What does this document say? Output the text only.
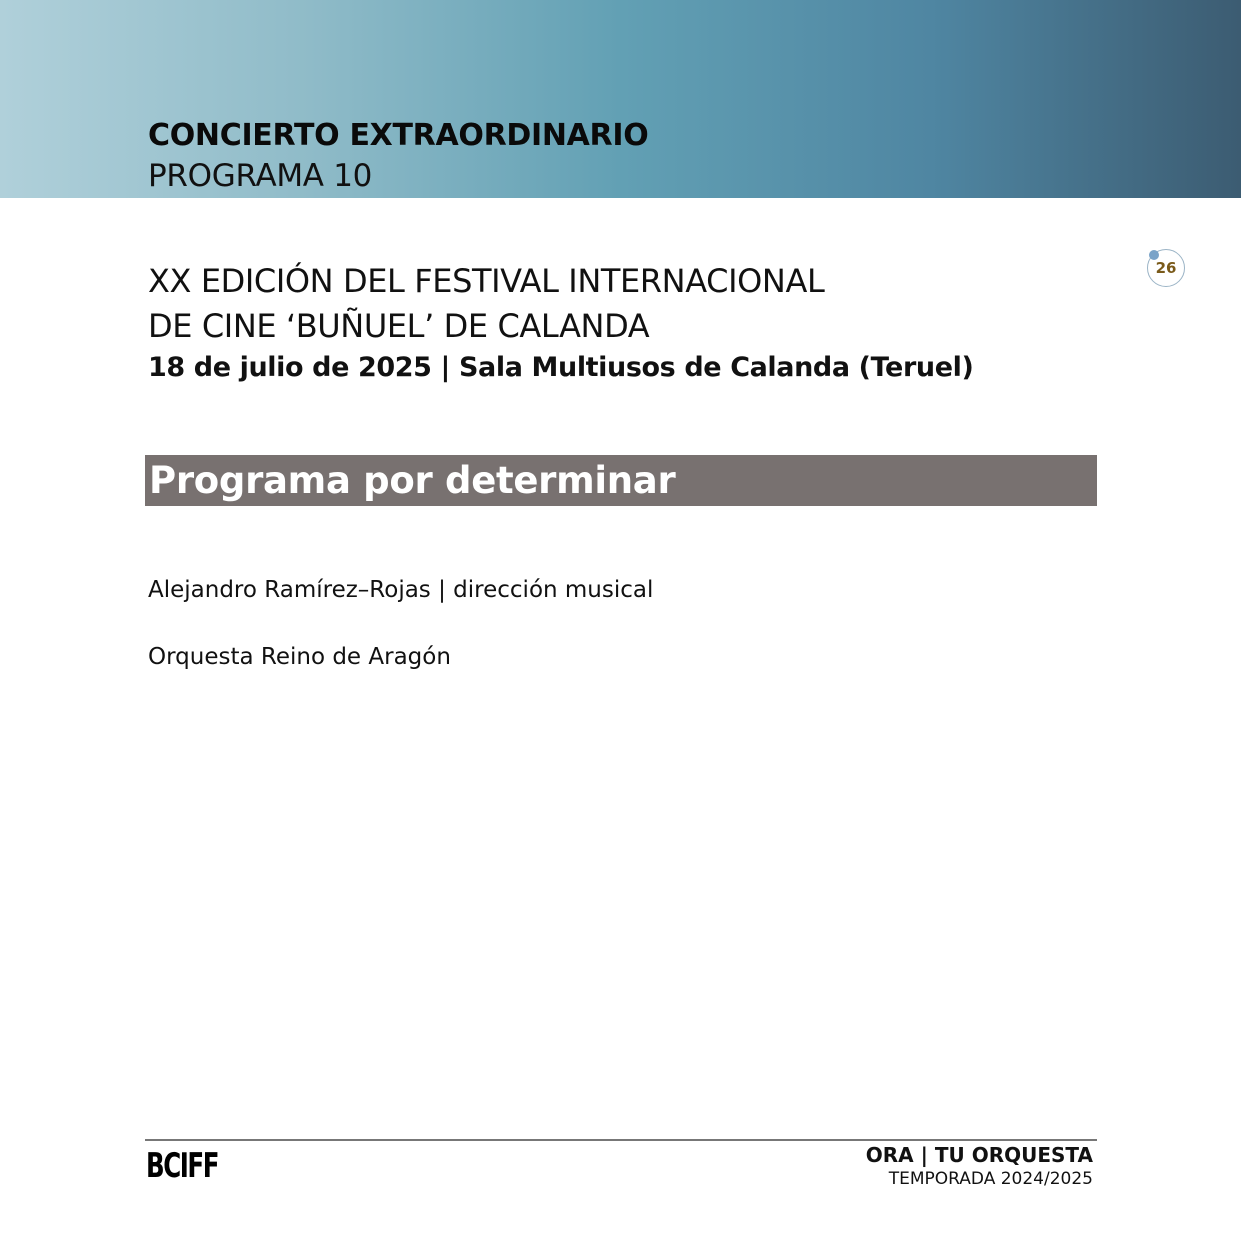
CONCIERTO EXTRAORDINARIO
PROGRAMA 10
26
XX EDICIÓN DEL FESTIVAL INTERNACIONAL
DE CINE ‘BUÑUEL’ DE CALANDA
18 de julio de 2025 | Sala Multiusos de Calanda (Teruel)
Programa por determinar
Alejandro Ramírez–Rojas | dirección musical
Orquesta Reino de Aragón
BCIFF	ORA | TU ORQUESTA
TEMPORADA 2024/2025
